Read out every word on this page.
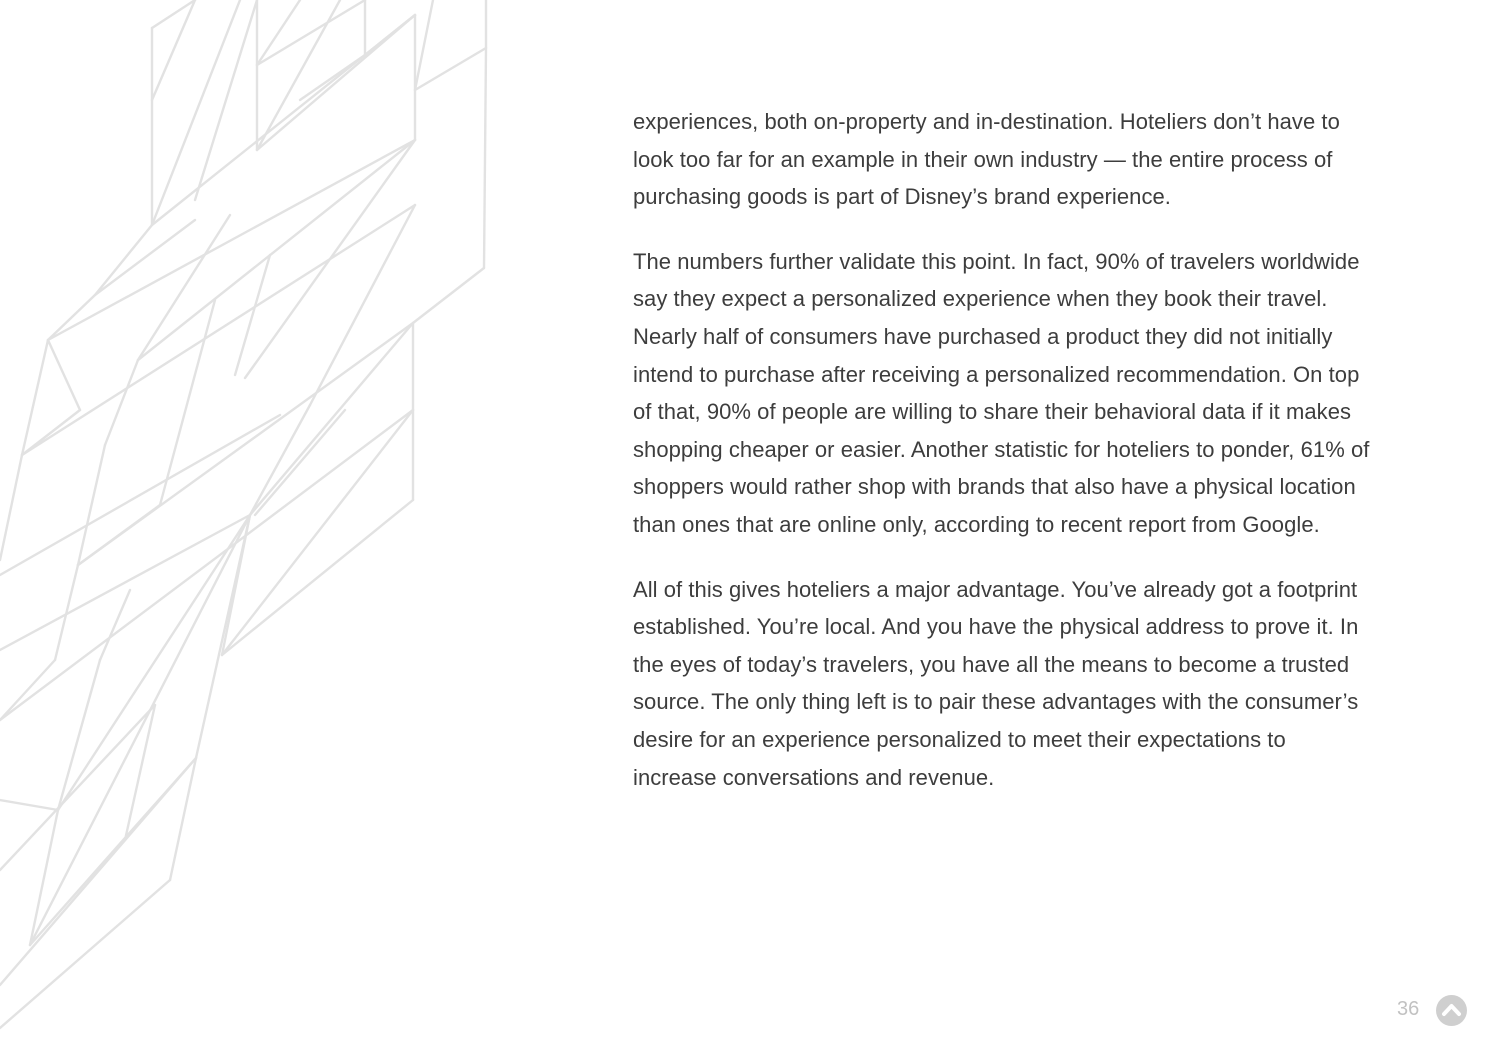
experiences, both on-property and in-destination. Hoteliers don’t have to
look too far for an example in their own industry — the entire process of
purchasing goods is part of Disney’s brand experience.

The numbers further validate this point. In fact, 90% of travelers worldwide
say they expect a personalized experience when they book their travel.
Nearly half of consumers have purchased a product they did not initially
intend to purchase after receiving a personalized recommendation. On top
of that, 90% of people are willing to share their behavioral data if it makes
shopping cheaper or easier. Another statistic for hoteliers to ponder, 61% of
shoppers would rather shop with brands that also have a physical location
than ones that are online only, according to recent report from Google.

All of this gives hoteliers a major advantage. You’ve already got a footprint
established. You’re local. And you have the physical address to prove it. In
the eyes of today’s travelers, you have all the means to become a trusted
source. The only thing left is to pair these advantages with the consumer’s
desire for an experience personalized to meet their expectations to
increase conversations and revenue.

36
